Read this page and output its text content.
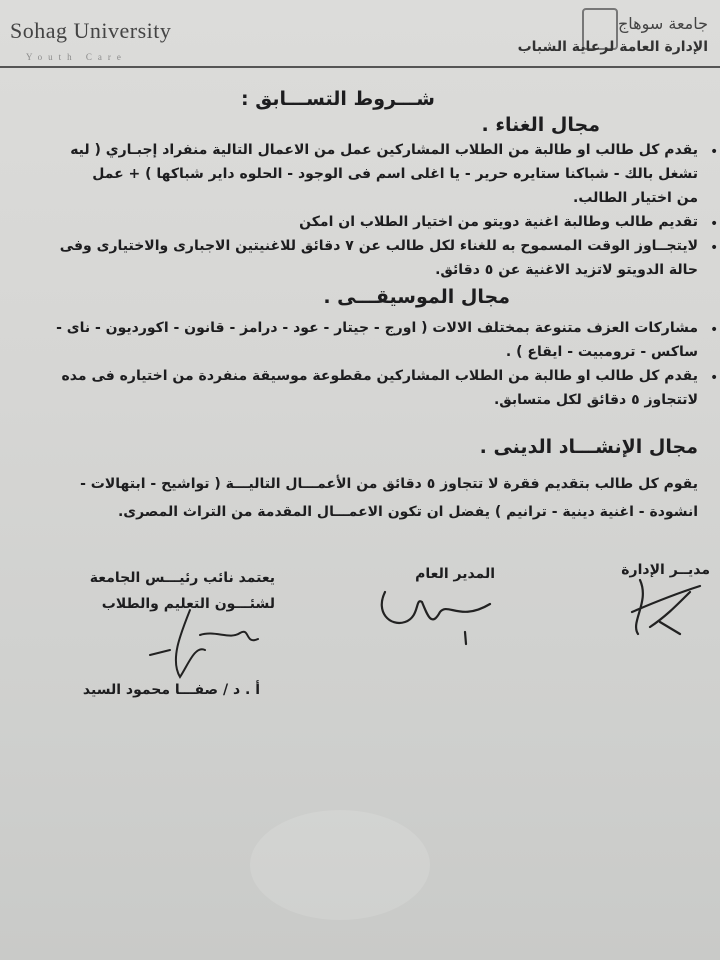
Sohag University
Youth Care
جامعة سوهاج
الإدارة العامة لرعاية الشباب
شـــروط التســـابق :
مجال الغناء .
•
يقدم كل طالب او طالبة من الطلاب المشاركين عمل من الاعمال التالية منفراد إجبـاري ( ليه
تشغل بالك - شباكنا ستايره حرير - يا اغلى اسم فى الوجود - الحلوه داير شباكها ) + عمل
من اختيار الطالب.
•
تقديم طالب وطالبة اغنية دويتو من اختيار الطلاب ان امكن
•
لايتجــاوز الوقت المسموح به للغناء لكل طالب عن ٧ دقائق للاغنيتين الاجبارى والاختيارى وفى
حالة الدويتو لاتزيد الاغنية عن ٥ دقائق.
مجال الموسيقـــى .
•
مشاركات العزف متنوعة بمختلف الالات ( اورج - جيتار - عود - درامز - قانون - اكورديون - ناى -
ساكس - ترومبيت - ايقاع ) .
•
يقدم كل طالب او طالبة من الطلاب المشاركين مقطوعة موسيقة منفردة من اختياره فى مده
لاتتجاوز ٥ دقائق لكل متسابق.
مجال الإنشـــاد الدينى .
يقوم كل طالب بتقديم فقرة لا تتجاوز ٥ دقائق من الأعمـــال التاليـــة ( تواشيح - ابتهالات -
انشودة - اغنية دينية - ترانيم ) يفضل ان تكون الاعمـــال المقدمة من التراث المصرى.
مديــر الإدارة
المدير العام
يعتمد نائب رئيـــس الجامعة
لشئـــون التعليم والطلاب
أ . د / صفـــا محمود السيد
